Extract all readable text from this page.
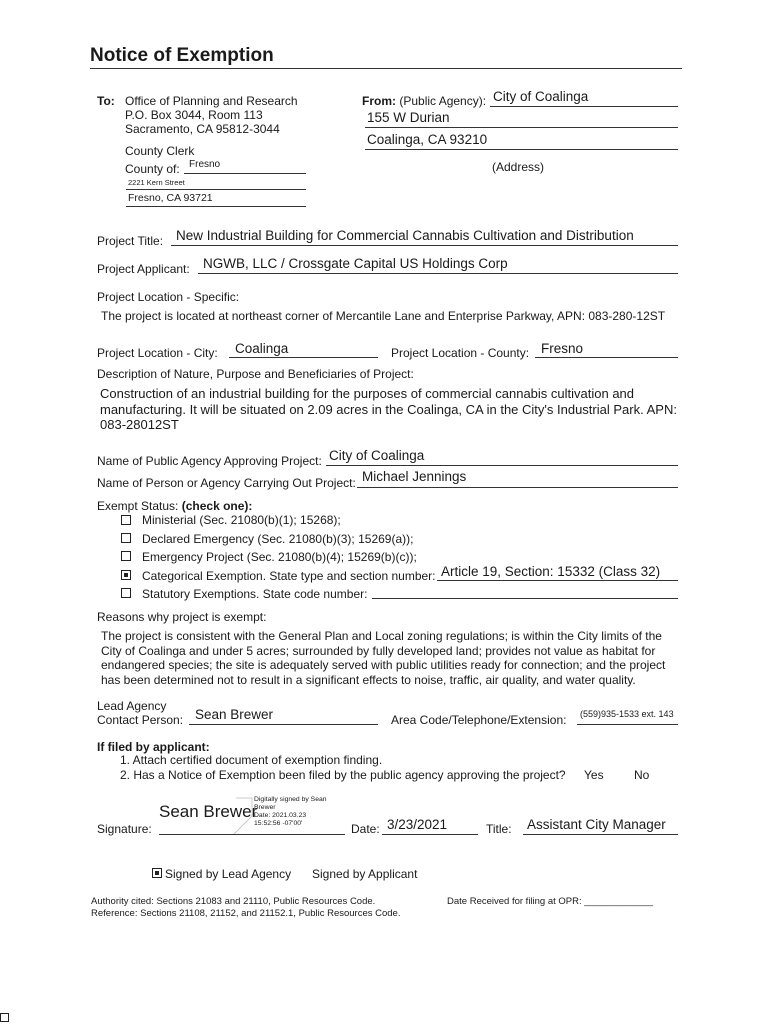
Notice of Exemption
To: Office of Planning and Research
P.O. Box 3044, Room 113
Sacramento, CA 95812-3044
County Clerk
County of: Fresno
2221 Kern Street
Fresno, CA 93721
From: (Public Agency): City of Coalinga
155 W Durian
Coalinga, CA 93210
(Address)
Project Title: New Industrial Building for Commercial Cannabis Cultivation and Distribution
Project Applicant: NGWB, LLC / Crossgate Capital US Holdings Corp
Project Location - Specific:
The project is located at northeast corner of Mercantile Lane and Enterprise Parkway, APN: 083-280-12ST
Project Location - City: Coalinga	Project Location - County: Fresno
Description of Nature, Purpose and Beneficiaries of Project:
Construction of an industrial building for the purposes of commercial cannabis cultivation and
manufacturing. It will be situated on 2.09 acres in the Coalinga, CA in the City's Industrial Park. APN:
083-28012ST
Name of Public Agency Approving Project: City of Coalinga
Name of Person or Agency Carrying Out Project: Michael Jennings
Exempt Status: (check one):
Ministerial (Sec. 21080(b)(1); 15268);
Declared Emergency (Sec. 21080(b)(3); 15269(a));
Emergency Project (Sec. 21080(b)(4); 15269(b)(c));
Categorical Exemption. State type and section number: Article 19, Section: 15332 (Class 32)
Statutory Exemptions. State code number:
Reasons why project is exempt:
The project is consistent with the General Plan and Local zoning regulations; is within the City limits of the
City of Coalinga and under 5 acres; surrounded by fully developed land; provides not value as habitat for
endangered species; the site is adequately served with public utilities ready for connection; and the project
has been determined not to result in a significant effects to noise, traffic, air quality, and water quality.
Lead Agency
Contact Person: Sean Brewer	Area Code/Telephone/Extension: (559)935-1533 ext. 143
If filed by applicant:
1. Attach certified document of exemption finding.
2. Has a Notice of Exemption been filed by the public agency approving the project? Yes	No
Signature:
Sean Brewer
Digitally signed by Sean
Brewer
Date: 2021.03.23
15:52:56 -07'00'	Date: 3/23/2021	Title: Assistant City Manager
Signed by Lead Agency Signed by Applicant
Authority cited: Sections 21083 and 21110, Public Resources Code.
Reference: Sections 21108, 21152, and 21152.1, Public Resources Code.
Date Received for filing at OPR: _____________
